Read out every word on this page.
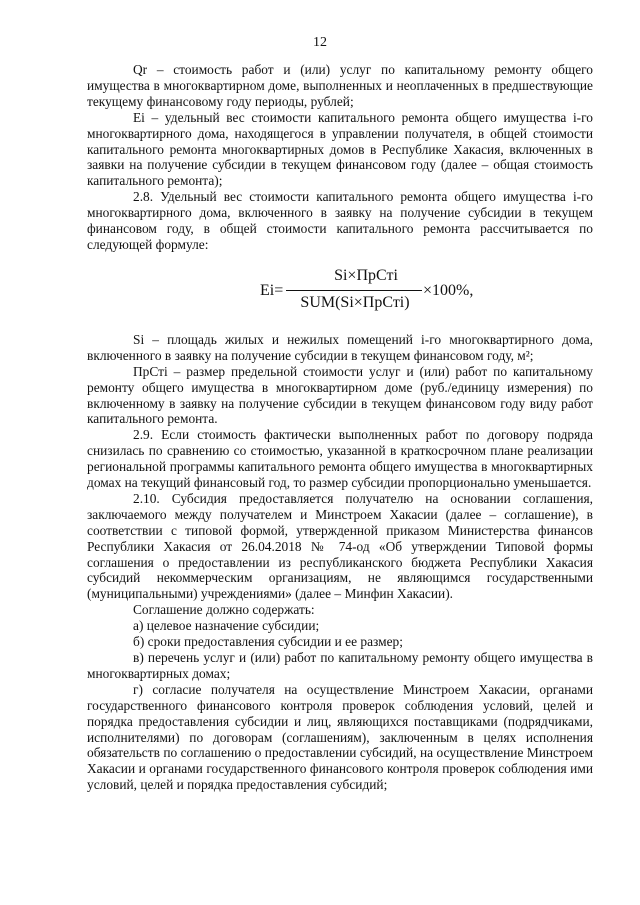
12

Qr – стоимость работ и (или) услуг по капитальному ремонту общего имущества в многоквартирном доме, выполненных и неоплаченных в предшествующие текущему финансовому году периоды, рублей;

Ei – удельный вес стоимости капитального ремонта общего имущества i-го многоквартирного дома, находящегося в управлении получателя, в общей стоимости капитального ремонта многоквартирных домов в Республике Хакасия, включенных в заявки на получение субсидии в текущем финансовом году (далее – общая стоимость капитального ремонта);

2.8. Удельный вес стоимости капитального ремонта общего имущества i-го многоквартирного дома, включенного в заявку на получение субсидии в текущем финансовом году, в общей стоимости капитального ремонта рассчитывается по следующей формуле:

Ei=
Si×ПрСті
SUM(Si×ПрСті)
×100%,

Si – площадь жилых и нежилых помещений i-го многоквартирного дома, включенного в заявку на получение субсидии в текущем финансовом году, м²;

ПрСті – размер предельной стоимости услуг и (или) работ по капитальному ремонту общего имущества в многоквартирном доме (руб./единицу измерения) по включенному в заявку на получение субсидии в текущем финансовом году виду работ капитального ремонта.

2.9. Если стоимость фактически выполненных работ по договору подряда снизилась по сравнению со стоимостью, указанной в краткосрочном плане реализации региональной программы капитального ремонта общего имущества в многоквартирных домах на текущий финансовый год, то размер субсидии пропорционально уменьшается.

2.10. Субсидия предоставляется получателю на основании соглашения, заключаемого между получателем и Минстроем Хакасии (далее – соглашение), в соответствии с типовой формой, утвержденной приказом Министерства финансов Республики Хакасия от 26.04.2018 № 74-од «Об утверждении Типовой формы соглашения о предоставлении из республиканского бюджета Республики Хакасия субсидий некоммерческим организациям, не являющимся государственными (муниципальными) учреждениями» (далее – Минфин Хакасии).

Соглашение должно содержать:

а) целевое назначение субсидии;

б) сроки предоставления субсидии и ее размер;

в) перечень услуг и (или) работ по капитальному ремонту общего имущества в многоквартирных домах;

г) согласие получателя на осуществление Минстроем Хакасии, органами государственного финансового контроля проверок соблюдения условий, целей и порядка предоставления субсидии и лиц, являющихся поставщиками (подрядчиками, исполнителями) по договорам (соглашениям), заключенным в целях исполнения обязательств по соглашению о предоставлении субсидий, на осуществление Минстроем Хакасии и органами государственного финансового контроля проверок соблюдения ими условий, целей и порядка предоставления субсидий;
